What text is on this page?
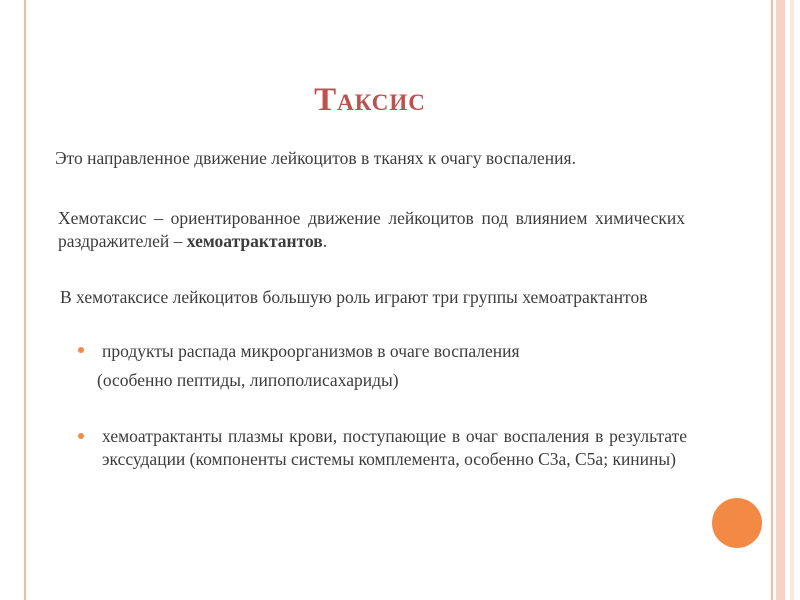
Таксис
Это направленное движение лейкоцитов в тканях к очагу воспаления.
Хемотаксис – ориентированное движение лейкоцитов под влиянием химических раздражителей – хемоатрактантов.
В хемотаксисе лейкоцитов большую роль играют три группы хемоатрактантов
продукты распада микроорганизмов в очаге воспаления
(особенно пептиды, липополисахариды)
хемоатрактанты плазмы крови, поступающие в очаг воспаления в результате экссудации (компоненты системы комплемента, особенно C3a, C5a; кинины)
